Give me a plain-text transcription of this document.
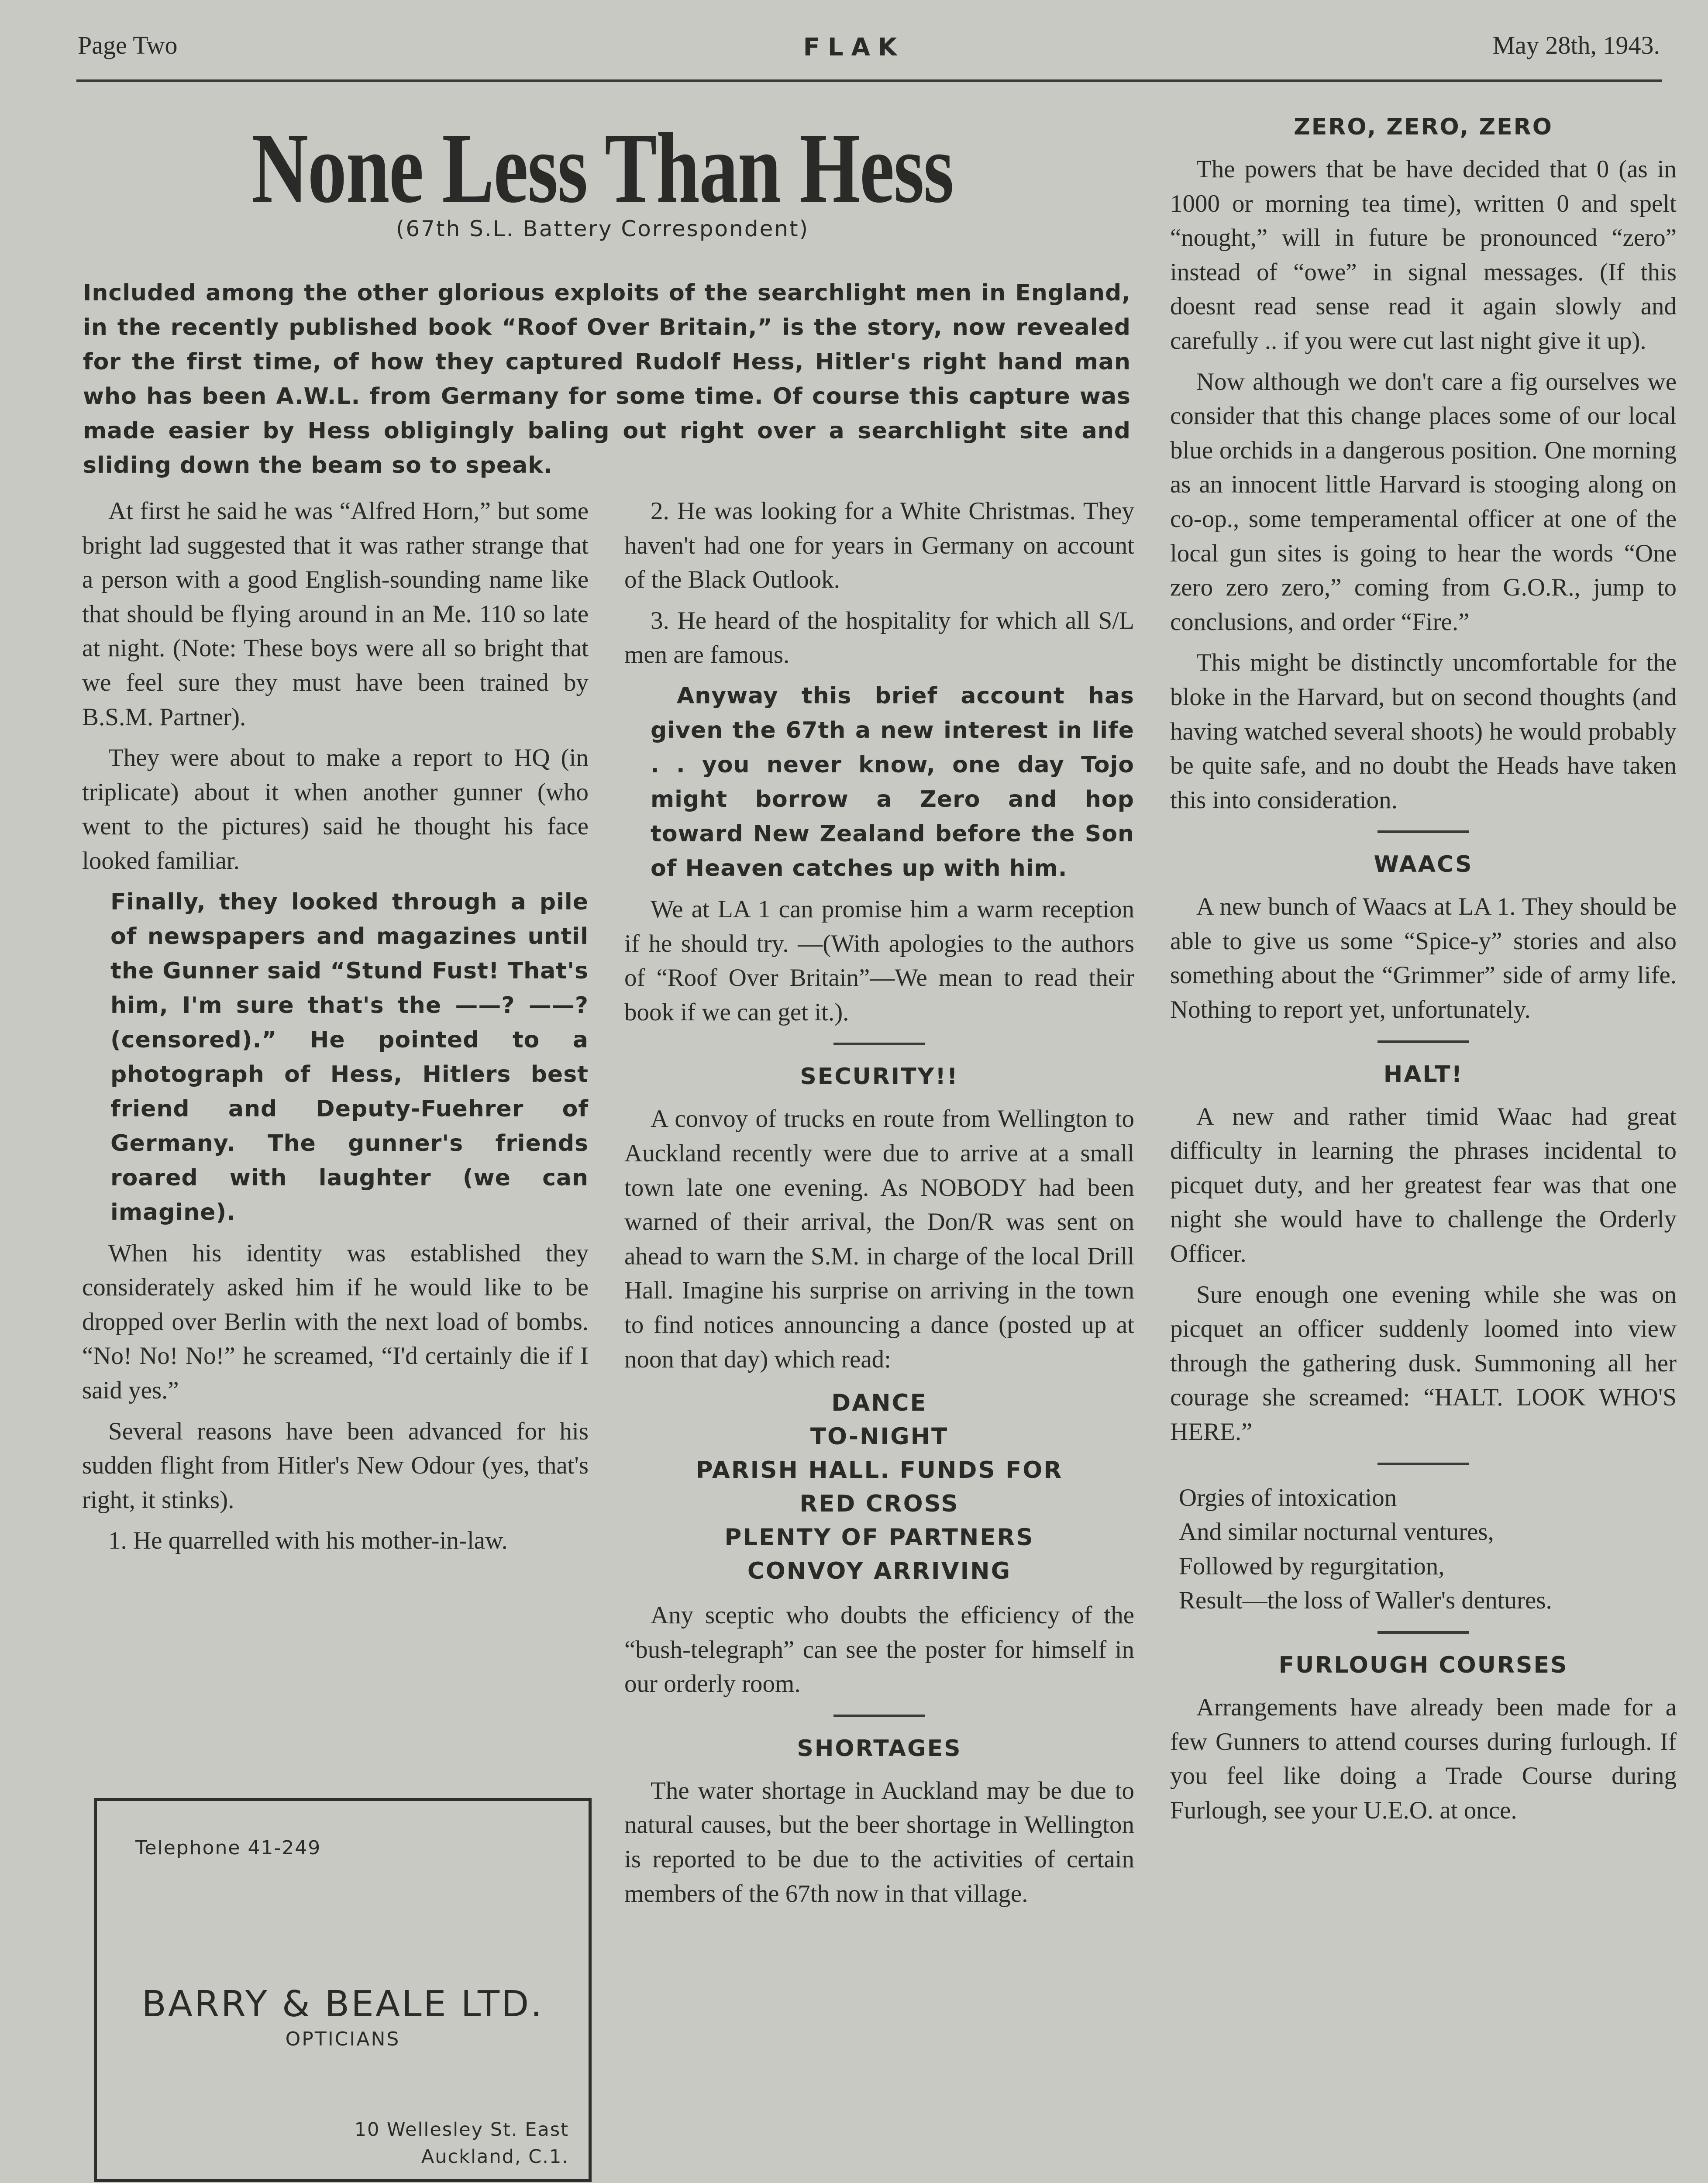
Page Two	FLAK	May 28th, 1943.
None Less Than Hess
(67th S.L. Battery Correspondent)
Included among the other glorious exploits of the searchlight men in England, in the recently published book “Roof Over Britain,” is the story, now revealed for the first time, of how they captured Rudolf Hess, Hitler's right hand man who has been A.W.L. from Germany for some time. Of course this capture was made easier by Hess obligingly baling out right over a searchlight site and sliding down the beam so to speak.

At first he said he was “Alfred Horn,” but some bright lad suggested that it was rather strange that a person with a good English-sounding name like that should be flying around in an Me. 110 so late at night. (Note: These boys were all so bright that we feel sure they must have been trained by B.S.M. Partner).

They were about to make a report to HQ (in triplicate) about it when another gunner (who went to the pictures) said he thought his face looked familiar.

Finally, they looked through a pile of newspapers and magazines until the Gunner said “Stund Fust! That's him, I'm sure that's the ——? ——? (censored).” He pointed to a photograph of Hess, Hitlers best friend and Deputy-Fuehrer of Germany. The gunner's friends roared with laughter (we can imagine).

When his identity was established they considerately asked him if he would like to be dropped over Berlin with the next load of bombs. “No! No! No!” he screamed, “I'd certainly die if I said yes.”

Several reasons have been advanced for his sudden flight from Hitler's New Odour (yes, that's right, it stinks).

1. He quarrelled with his mother-in-law.

2. He was looking for a White Christmas. They haven't had one for years in Germany on account of the Black Outlook.

3. He heard of the hospitality for which all S/L men are famous.

Anyway this brief account has given the 67th a new interest in life . . you never know, one day Tojo might borrow a Zero and hop toward New Zealand before the Son of Heaven catches up with him.

We at LA 1 can promise him a warm reception if he should try. —(With apologies to the authors of “Roof Over Britain”—We mean to read their book if we can get it.).

SECURITY!!

A convoy of trucks en route from Wellington to Auckland recently were due to arrive at a small town late one evening. As NOBODY had been warned of their arrival, the Don/R was sent on ahead to warn the S.M. in charge of the local Drill Hall. Imagine his surprise on arriving in the town to find notices announcing a dance (posted up at noon that day) which read:

DANCE
TO-NIGHT
PARISH HALL. FUNDS FOR
RED CROSS
PLENTY OF PARTNERS
CONVOY ARRIVING

Any sceptic who doubts the efficiency of the “bush-telegraph” can see the poster for himself in our orderly room.

SHORTAGES

The water shortage in Auckland may be due to natural causes, but the beer shortage in Wellington is reported to be due to the activities of certain members of the 67th now in that village.

ZERO, ZERO, ZERO

The powers that be have decided that 0 (as in 1000 or morning tea time), written 0 and spelt “nought,” will in future be pronounced “zero” instead of “owe” in signal messages. (If this doesnt read sense read it again slowly and carefully .. if you were cut last night give it up).

Now although we don't care a fig ourselves we consider that this change places some of our local blue orchids in a dangerous position. One morning as an innocent little Harvard is stooging along on co-op., some temperamental officer at one of the local gun sites is going to hear the words “One zero zero zero,” coming from G.O.R., jump to conclusions, and order “Fire.”

This might be distinctly uncomfortable for the bloke in the Harvard, but on second thoughts (and having watched several shoots) he would probably be quite safe, and no doubt the Heads have taken this into consideration.

WAACS

A new bunch of Waacs at LA 1. They should be able to give us some “Spice-y” stories and also something about the “Grimmer” side of army life. Nothing to report yet, unfortunately.

HALT!

A new and rather timid Waac had great difficulty in learning the phrases incidental to picquet duty, and her greatest fear was that one night she would have to challenge the Orderly Officer.

Sure enough one evening while she was on picquet an officer suddenly loomed into view through the gathering dusk. Summoning all her courage she screamed: “HALT. LOOK WHO'S HERE.”

Orgies of intoxication
And similar nocturnal ventures,
Followed by regurgitation,
Result—the loss of Waller's dentures.
FURLOUGH COURSES

Arrangements have already been made for a few Gunners to attend courses during furlough. If you feel like doing a Trade Course during Furlough, see your U.E.O. at once.

Telephone 41-249
BARRY & BEALE LTD.
OPTICIANS
10 Wellesley St. East
Auckland, C.1.
